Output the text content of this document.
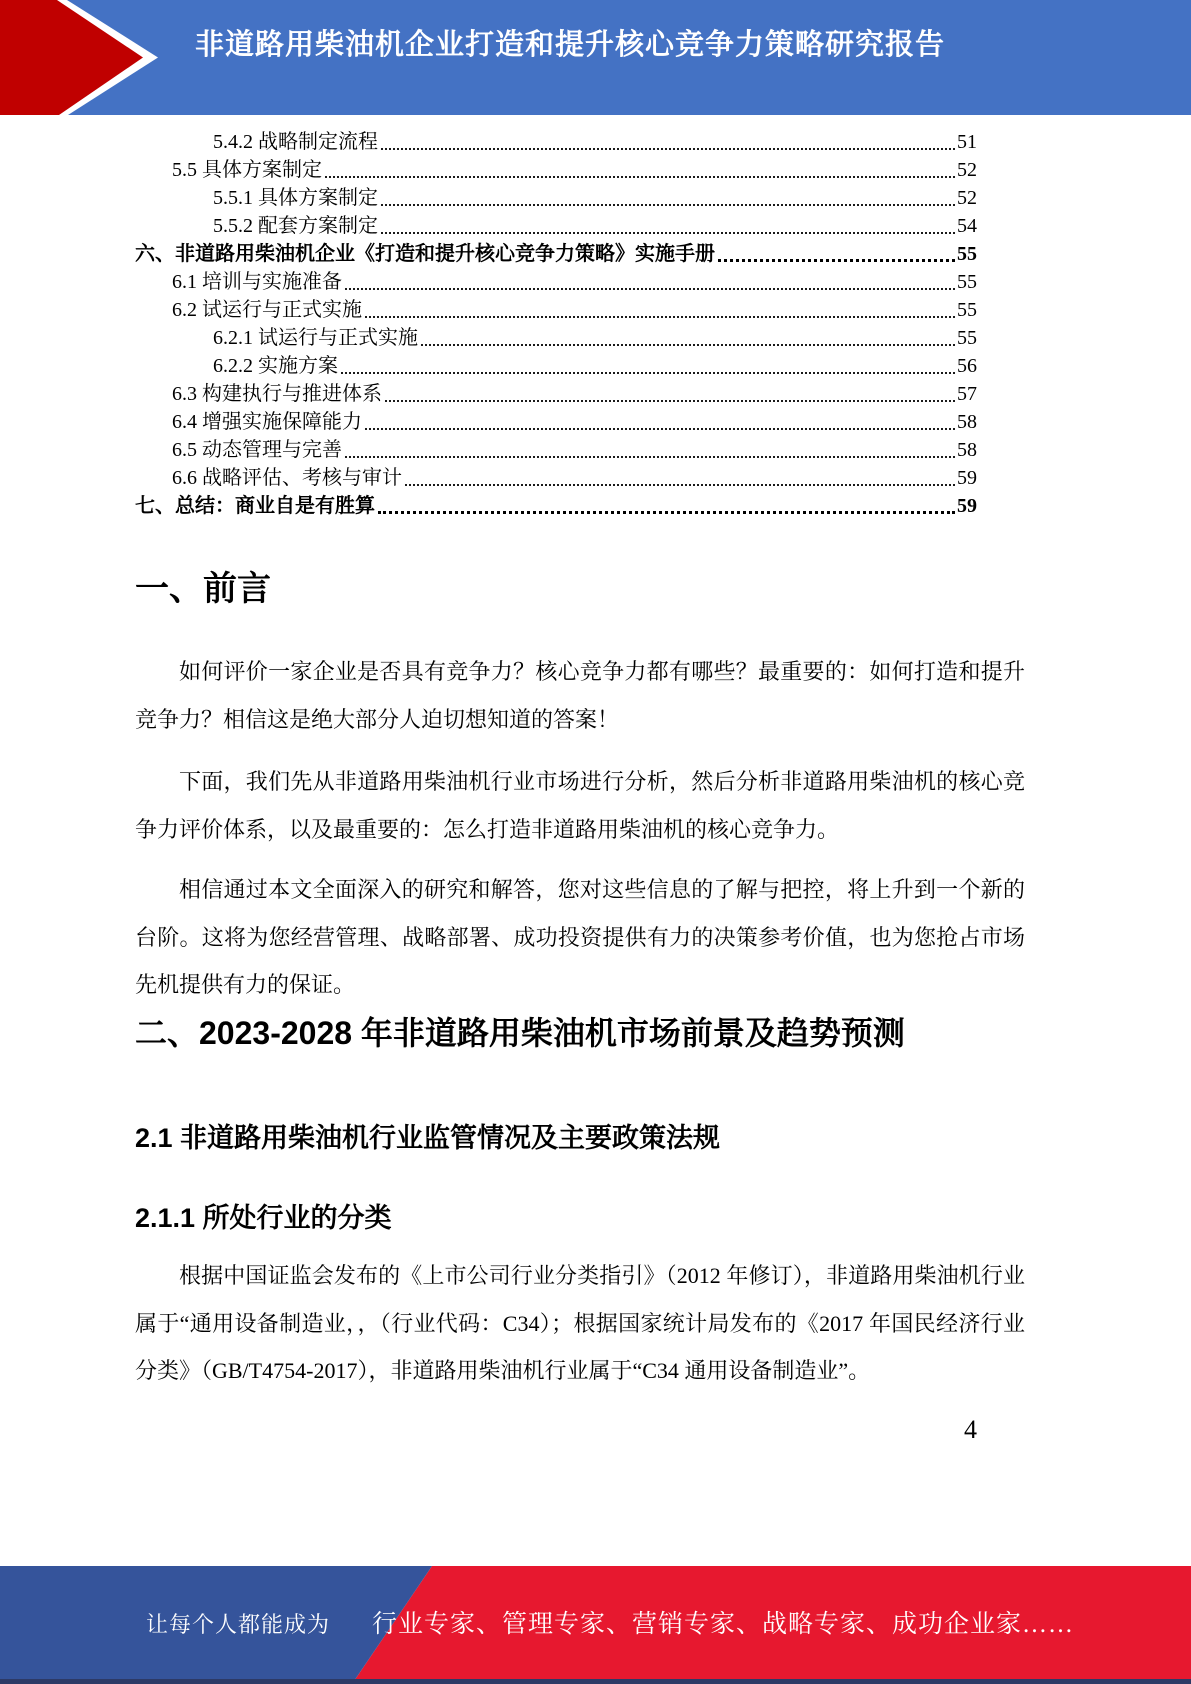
非道路用柴油机企业打造和提升核心竞争力策略研究报告
5.4.2 战略制定流程	51
5.5 具体方案制定	52
5.5.1 具体方案制定	52
5.5.2 配套方案制定	54
六、非道路用柴油机企业《打造和提升核心竞争力策略》实施手册	55
6.1 培训与实施准备	55
6.2 试运行与正式实施	55
6.2.1 试运行与正式实施	55
6.2.2 实施方案	56
6.3 构建执行与推进体系	57
6.4 增强实施保障能力	58
6.5 动态管理与完善	58
6.6 战略评估、考核与审计	59
七、总结：商业自是有胜算	59
一、前言

如何评价一家企业是否具有竞争力？核心竞争力都有哪些？最重要的：如何打造和提升竞争力？相信这是绝大部分人迫切想知道的答案！

下面，我们先从非道路用柴油机行业市场进行分析，然后分析非道路用柴油机的核心竞争力评价体系，以及最重要的：怎么打造非道路用柴油机的核心竞争力。

相信通过本文全面深入的研究和解答，您对这些信息的了解与把控，将上升到一个新的台阶。这将为您经营管理、战略部署、成功投资提供有力的决策参考价值，也为您抢占市场先机提供有力的保证。

二、2023-2028 年非道路用柴油机市场前景及趋势预测
2.1 非道路用柴油机行业监管情况及主要政策法规
2.1.1 所处行业的分类

根据中国证监会发布的《上市公司行业分类指引》（2012 年修订），非道路用柴油机行业属于“通用设备制造业，，（行业代码：C34）；根据国家统计局发布的《2017 年国民经济行业分类》（GB/T4754-2017），非道路用柴油机行业属于“C34 通用设备制造业”。

4
让每个人都能成为 行业专家、管理专家、营销专家、战略专家、成功企业家……
